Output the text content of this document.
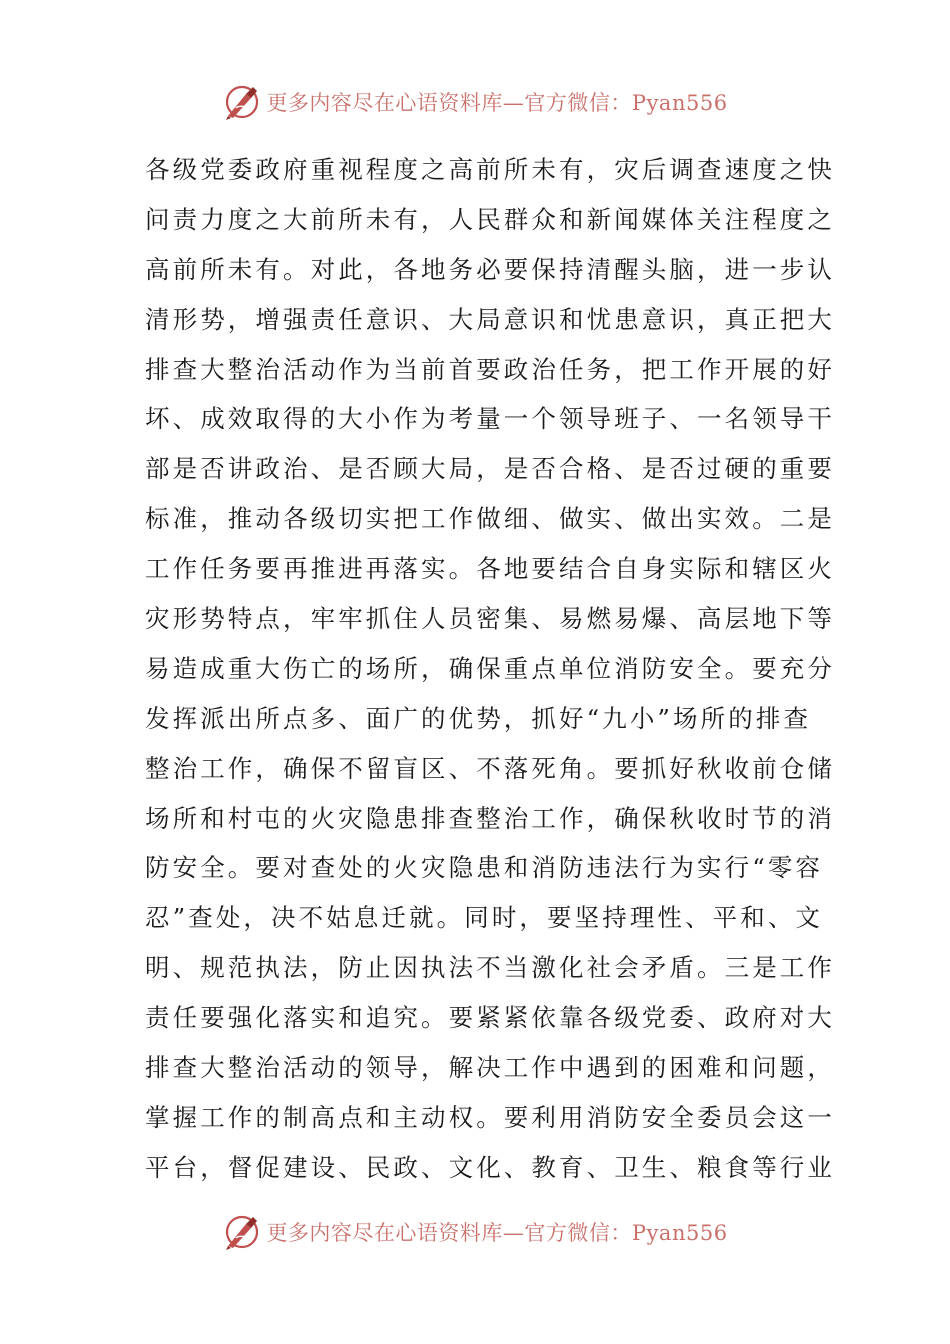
更多内容尽在心语资料库—官方微信：Pyan556
各级党委政府重视程度之高前所未有，灾后调查速度之快
问责力度之大前所未有，人民群众和新闻媒体关注程度之
高前所未有。对此，各地务必要保持清醒头脑，进一步认
清形势，增强责任意识、大局意识和忧患意识，真正把大
排查大整治活动作为当前首要政治任务，把工作开展的好
坏、成效取得的大小作为考量一个领导班子、一名领导干
部是否讲政治、是否顾大局，是否合格、是否过硬的重要
标准，推动各级切实把工作做细、做实、做出实效。二是
工作任务要再推进再落实。各地要结合自身实际和辖区火
灾形势特点，牢牢抓住人员密集、易燃易爆、高层地下等
易造成重大伤亡的场所，确保重点单位消防安全。要充分
发挥派出所点多、面广的优势，抓好“九小”场所的排查
整治工作，确保不留盲区、不落死角。要抓好秋收前仓储
场所和村屯的火灾隐患排查整治工作，确保秋收时节的消
防安全。要对查处的火灾隐患和消防违法行为实行“零容
忍”查处，决不姑息迁就。同时，要坚持理性、平和、文
明、规范执法，防止因执法不当激化社会矛盾。三是工作
责任要强化落实和追究。要紧紧依靠各级党委、政府对大
排查大整治活动的领导，解决工作中遇到的困难和问题，
掌握工作的制高点和主动权。要利用消防安全委员会这一
平台，督促建设、民政、文化、教育、卫生、粮食等行业
更多内容尽在心语资料库—官方微信：Pyan556
